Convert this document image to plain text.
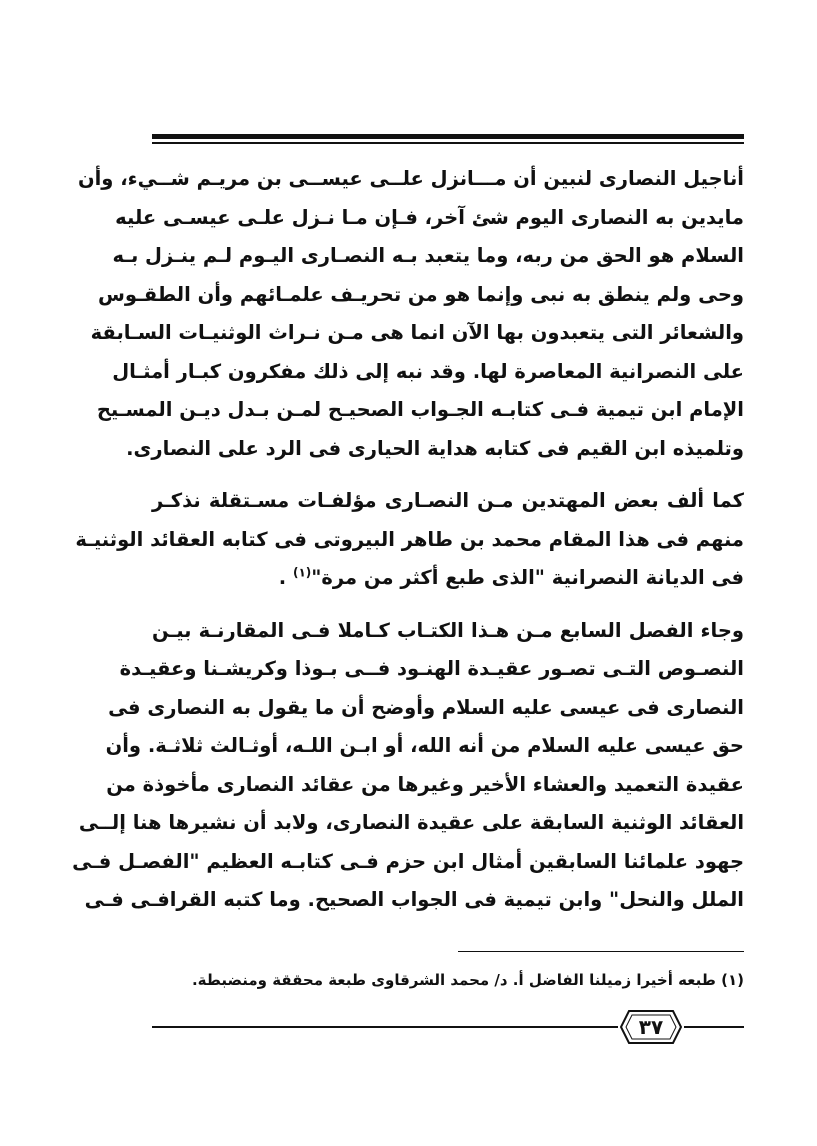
أناجيل النصارى لنبين أن مـــانزل علــى عيســى بن مريـم شــيء، وأن
مايدين به النصارى اليوم شئ آخر، فـإن مـا نـزل علـى عيسـى عليه
السلام هو الحق من ربه، وما يتعبد بـه النصـارى اليـوم لـم ينـزل بـه
وحى ولم ينطق به نبى وإنما هو من تحريـف علمـائهم وأن الطقـوس
والشعائر التى يتعبدون بها الآن انما هى مـن نـراث الوثنيـات السـابقة
على النصرانية المعاصرة لها. وقد نبه إلى ذلك مفكرون كبـار أمثـال
الإمام ابن تيمية فـى كتابـه الجـواب الصحيـح لمـن بـدل ديـن المسـيح
وتلميذه ابن القيم فى كتابه هداية الحيارى فى الرد على النصارى.
كما ألف بعض المهتدين مـن النصـارى مؤلفـات مسـتقلة نذكـر
منهم فى هذا المقام محمد بن طاهر البيروتى فى كتابه العقائد الوثنيـة
فى الديانة النصرانية "الذى طبع أكثر من مرة"$^{(١)}$ .
وجاء الفصل السابع مـن هـذا الكتـاب كـاملا فـى المقارنـة بيـن
النصـوص التـى تصـور عقيـدة الهنـود فــى بـوذا وكريشـنا وعقيـدة
النصارى فى عيسى عليه السلام وأوضح أن ما يقول به النصارى فى
حق عيسى عليه السلام من أنه الله، أو ابـن اللـه، أوثـالث ثلاثـة. وأن
عقيدة التعميد والعشاء الأخير وغيرها من عقائد النصارى مأخوذة من
العقائد الوثنية السابقة على عقيدة النصارى، ولابد أن نشيرها هنا إلــى
جهود علمائنا السابقين أمثال ابن حزم فـى كتابـه العظيم "الفصـل فـى
الملل والنحل" وابن تيمية فى الجواب الصحيح. وما كتبه القرافـى فـى
(١) طبعه أخيرا زميلنا الفاضل أ. د/ محمد الشرقاوى طبعة محققة ومنضبطة.
٣٧
